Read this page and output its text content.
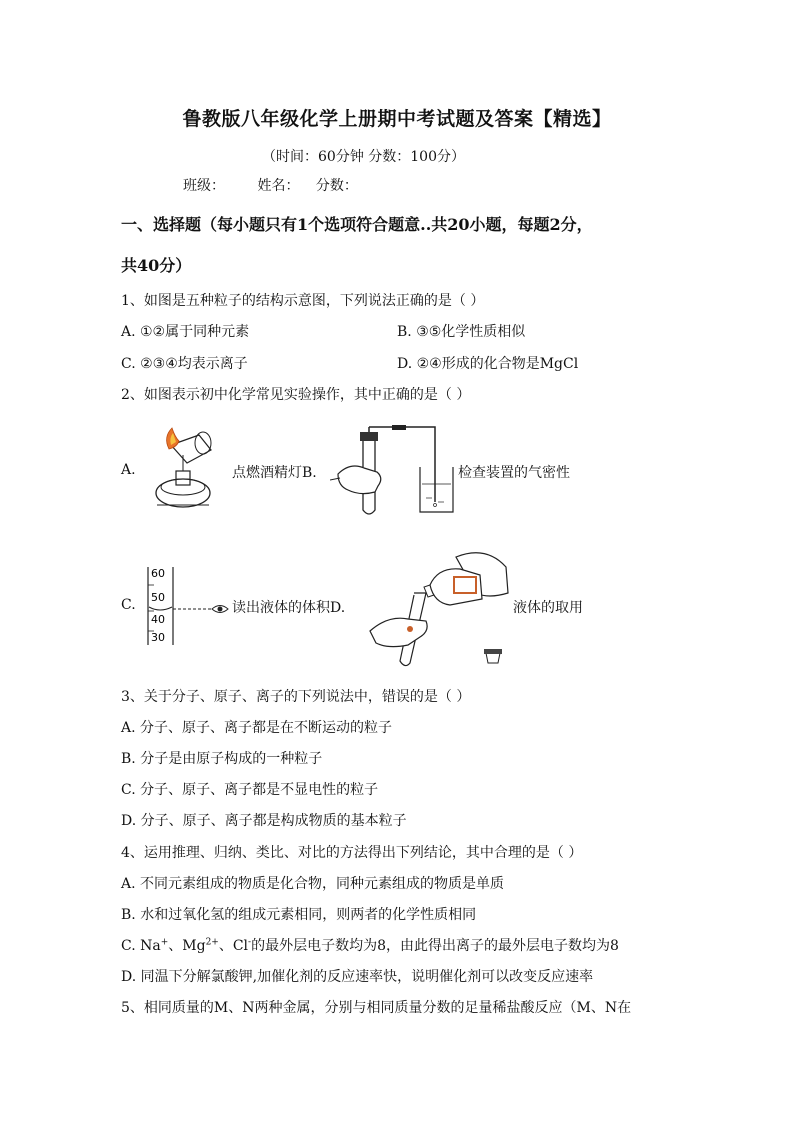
鲁教版八年级化学上册期中考试题及答案【精选】
（时间：60分钟 分数：100分）
班级： 姓名： 分数：
一、选择题（每小题只有1个选项符合题意..共20小题，每题2分，
共40分）
1、如图是五种粒子的结构示意图，下列说法正确的是（ ）
A. ①②属于同种元素	B. ③⑤化学性质相似
C. ②③④均表示离子	D. ②④形成的化合物是MgCl
2、如图表示初中化学常见实验操作，其中正确的是（ ）
A.	点燃酒精灯B.	检查装置的气密性
C.
60
50
40
30
读出液体的体积D.	液体的取用
3、关于分子、原子、离子的下列说法中，错误的是（ ）
A. 分子、原子、离子都是在不断运动的粒子
B. 分子是由原子构成的一种粒子
C. 分子、原子、离子都是不显电性的粒子
D. 分子、原子、离子都是构成物质的基本粒子
4、运用推理、归纳、类比、对比的方法得出下列结论，其中合理的是（ ）
A. 不同元素组成的物质是化合物，同种元素组成的物质是单质
B. 水和过氧化氢的组成元素相同，则两者的化学性质相同
C. Na+、$Mg^{2+}$、Cl-的最外层电子数均为8，由此得出离子的最外层电子数均为8
D. 同温下分解氯酸钾,加催化剂的反应速率快，说明催化剂可以改变反应速率
5、相同质量的M、N两种金属，分别与相同质量分数的足量稀盐酸反应（M、N在
